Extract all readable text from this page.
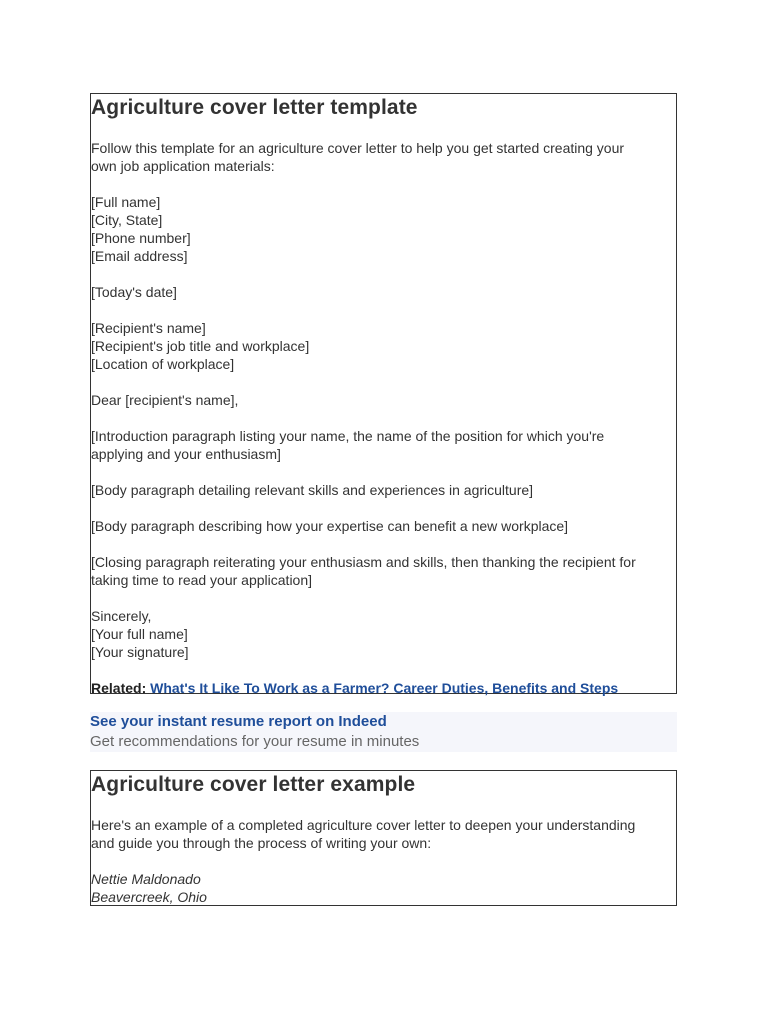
Agriculture cover letter template

Follow this template for an agriculture cover letter to help you get started creating your

own job application materials:

[Full name]

[City, State]

[Phone number]

[Email address]

[Today's date]

[Recipient's name]

[Recipient's job title and workplace]

[Location of workplace]

Dear [recipient's name],

[Introduction paragraph listing your name, the name of the position for which you're

applying and your enthusiasm]

[Body paragraph detailing relevant skills and experiences in agriculture]

[Body paragraph describing how your expertise can benefit a new workplace]

[Closing paragraph reiterating your enthusiasm and skills, then thanking the recipient for

taking time to read your application]

Sincerely,

[Your full name]

[Your signature]

Related: What's It Like To Work as a Farmer? Career Duties, Benefits and Steps

See your instant resume report on Indeed

Get recommendations for your resume in minutes

Agriculture cover letter example

Here's an example of a completed agriculture cover letter to deepen your understanding

and guide you through the process of writing your own:

Nettie Maldonado

Beavercreek, Ohio
